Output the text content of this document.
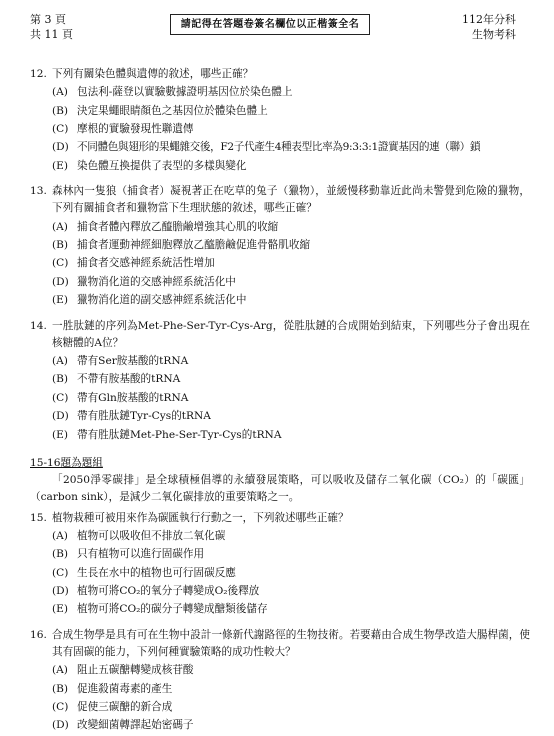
第 3 頁
共 11 頁
請記得在答題卷簽名欄位以正楷簽全名	112年分科
生物考科
12. 下列有關染色體與遺傳的敘述，哪些正確？
(A) 包法利-薩登以實驗數據證明基因位於染色體上
(B) 決定果蠅眼睛顏色之基因位於體染色體上
(C) 摩根的實驗發現性聯遺傳
(D) 不同體色與翅形的果蠅雜交後，F2子代產生4種表型比率為9:3:3:1證實基因的連（聯）鎖
(E) 染色體互換提供了表型的多樣與變化
13. 森林內一隻狼（捕食者）凝視著正在吃草的兔子（獵物），並緩慢移動靠近此尚未警覺到危險的獵物，下列有關捕食者和獵物當下生理狀態的敘述，哪些正確？
(A) 捕食者體內釋放乙醯膽鹼增強其心肌的收縮
(B) 捕食者運動神經細胞釋放乙醯膽鹼促進骨骼肌收縮
(C) 捕食者交感神經系統活性增加
(D) 獵物消化道的交感神經系統活化中
(E) 獵物消化道的副交感神經系統活化中
14. 一胜肽鏈的序列為Met-Phe-Ser-Tyr-Cys-Arg，從胜肽鏈的合成開始到結束，下列哪些分子會出現在核糖體的A位？
(A) 帶有Ser胺基酸的tRNA
(B) 不帶有胺基酸的tRNA
(C) 帶有Gln胺基酸的tRNA
(D) 帶有胜肽鏈Tyr-Cys的tRNA
(E) 帶有胜肽鏈Met-Phe-Ser-Tyr-Cys的tRNA
15-16題為題組
「2050淨零碳排」是全球積極倡導的永續發展策略，可以吸收及儲存二氧化碳（CO₂）的「碳匯」（carbon sink），是減少二氧化碳排放的重要策略之一。
15. 植物栽種可被用來作為碳匯執行行動之一，下列敘述哪些正確？
(A) 植物可以吸收但不排放二氧化碳
(B) 只有植物可以進行固碳作用
(C) 生長在水中的植物也可行固碳反應
(D) 植物可將CO₂的氧分子轉變成O₂後釋放
(E) 植物可將CO₂的碳分子轉變成醣類後儲存
16. 合成生物學是具有可在生物中設計一條新代謝路徑的生物技術。若要藉由合成生物學改造大腸桿菌，使其有固碳的能力，下列何種實驗策略的成功性較大？
(A) 阻止五碳醣轉變成核苷酸
(B) 促進殺菌毒素的產生
(C) 促使三碳醣的新合成
(D) 改變細菌轉譯起始密碼子
